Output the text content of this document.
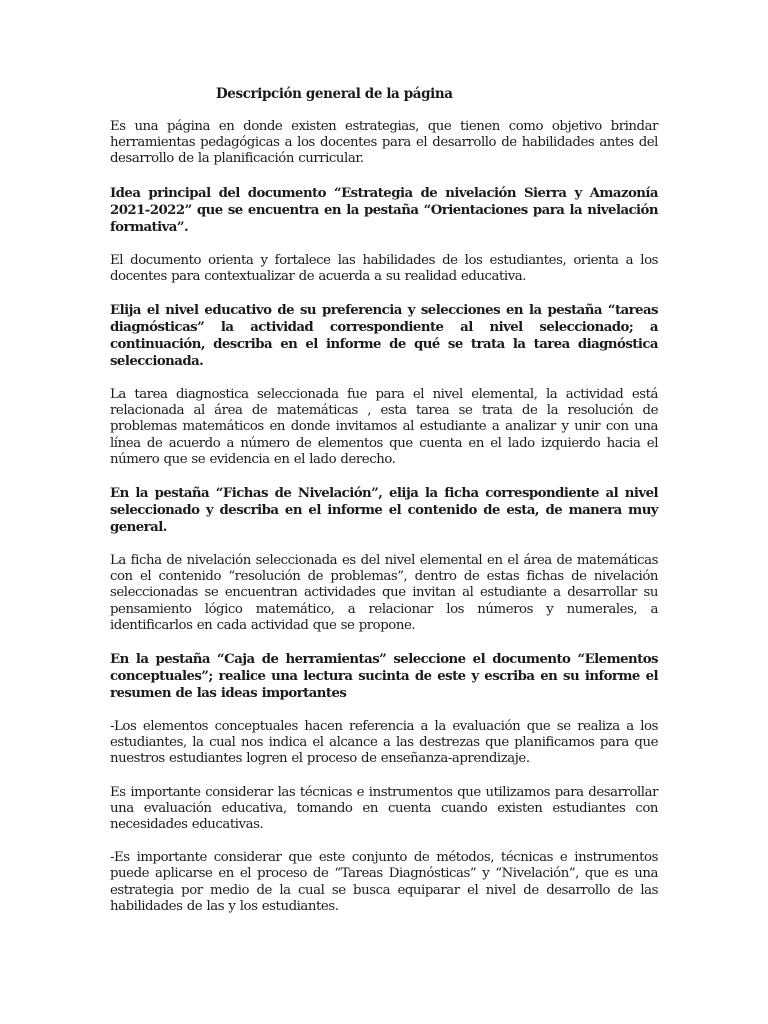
Descripción general de la página

Es una página en donde existen estrategias, que tienen como objetivo brindar herramientas pedagógicas a los docentes para el desarrollo de habilidades antes del desarrollo de la planificación curricular.

Idea principal del documento “Estrategia de nivelación Sierra y Amazonía 2021-2022” que se encuentra en la pestaña “Orientaciones para la nivelación formativa”.

El documento orienta y fortalece las habilidades de los estudiantes, orienta a los docentes para contextualizar de acuerda a su realidad educativa.

Elija el nivel educativo de su preferencia y selecciones en la pestaña “tareas diagnósticas” la actividad correspondiente al nivel seleccionado; a continuación, describa en el informe de qué se trata la tarea diagnóstica seleccionada.

La tarea diagnostica seleccionada fue para el nivel elemental, la actividad está relacionada al área de matemáticas , esta tarea se trata de la resolución de problemas matemáticos en donde invitamos al estudiante a analizar y unir con una línea de acuerdo a número de elementos que cuenta en el lado izquierdo hacia el número que se evidencia en el lado derecho.

En la pestaña “Fichas de Nivelación”, elija la ficha correspondiente al nivel seleccionado y describa en el informe el contenido de esta, de manera muy general.

La ficha de nivelación seleccionada es del nivel elemental en el área de matemáticas con el contenido “resolución de problemas”, dentro de estas fichas de nivelación seleccionadas se encuentran actividades que invitan al estudiante a desarrollar su pensamiento lógico matemático, a relacionar los números y numerales, a identificarlos en cada actividad que se propone.

En la pestaña “Caja de herramientas” seleccione el documento “Elementos conceptuales”; realice una lectura sucinta de este y escriba en su informe el resumen de las ideas importantes

-Los elementos conceptuales hacen referencia a la evaluación que se realiza a los estudiantes, la cual nos indica el alcance a las destrezas que planificamos para que nuestros estudiantes logren el proceso de enseñanza-aprendizaje.

Es importante considerar las técnicas e instrumentos que utilizamos para desarrollar una evaluación educativa, tomando en cuenta cuando existen estudiantes con necesidades educativas.

-Es importante considerar que este conjunto de métodos, técnicas e instrumentos puede aplicarse en el proceso de “Tareas Diagnósticas” y “Nivelación”, que es una estrategia por medio de la cual se busca equiparar el nivel de desarrollo de las habilidades de las y los estudiantes.
